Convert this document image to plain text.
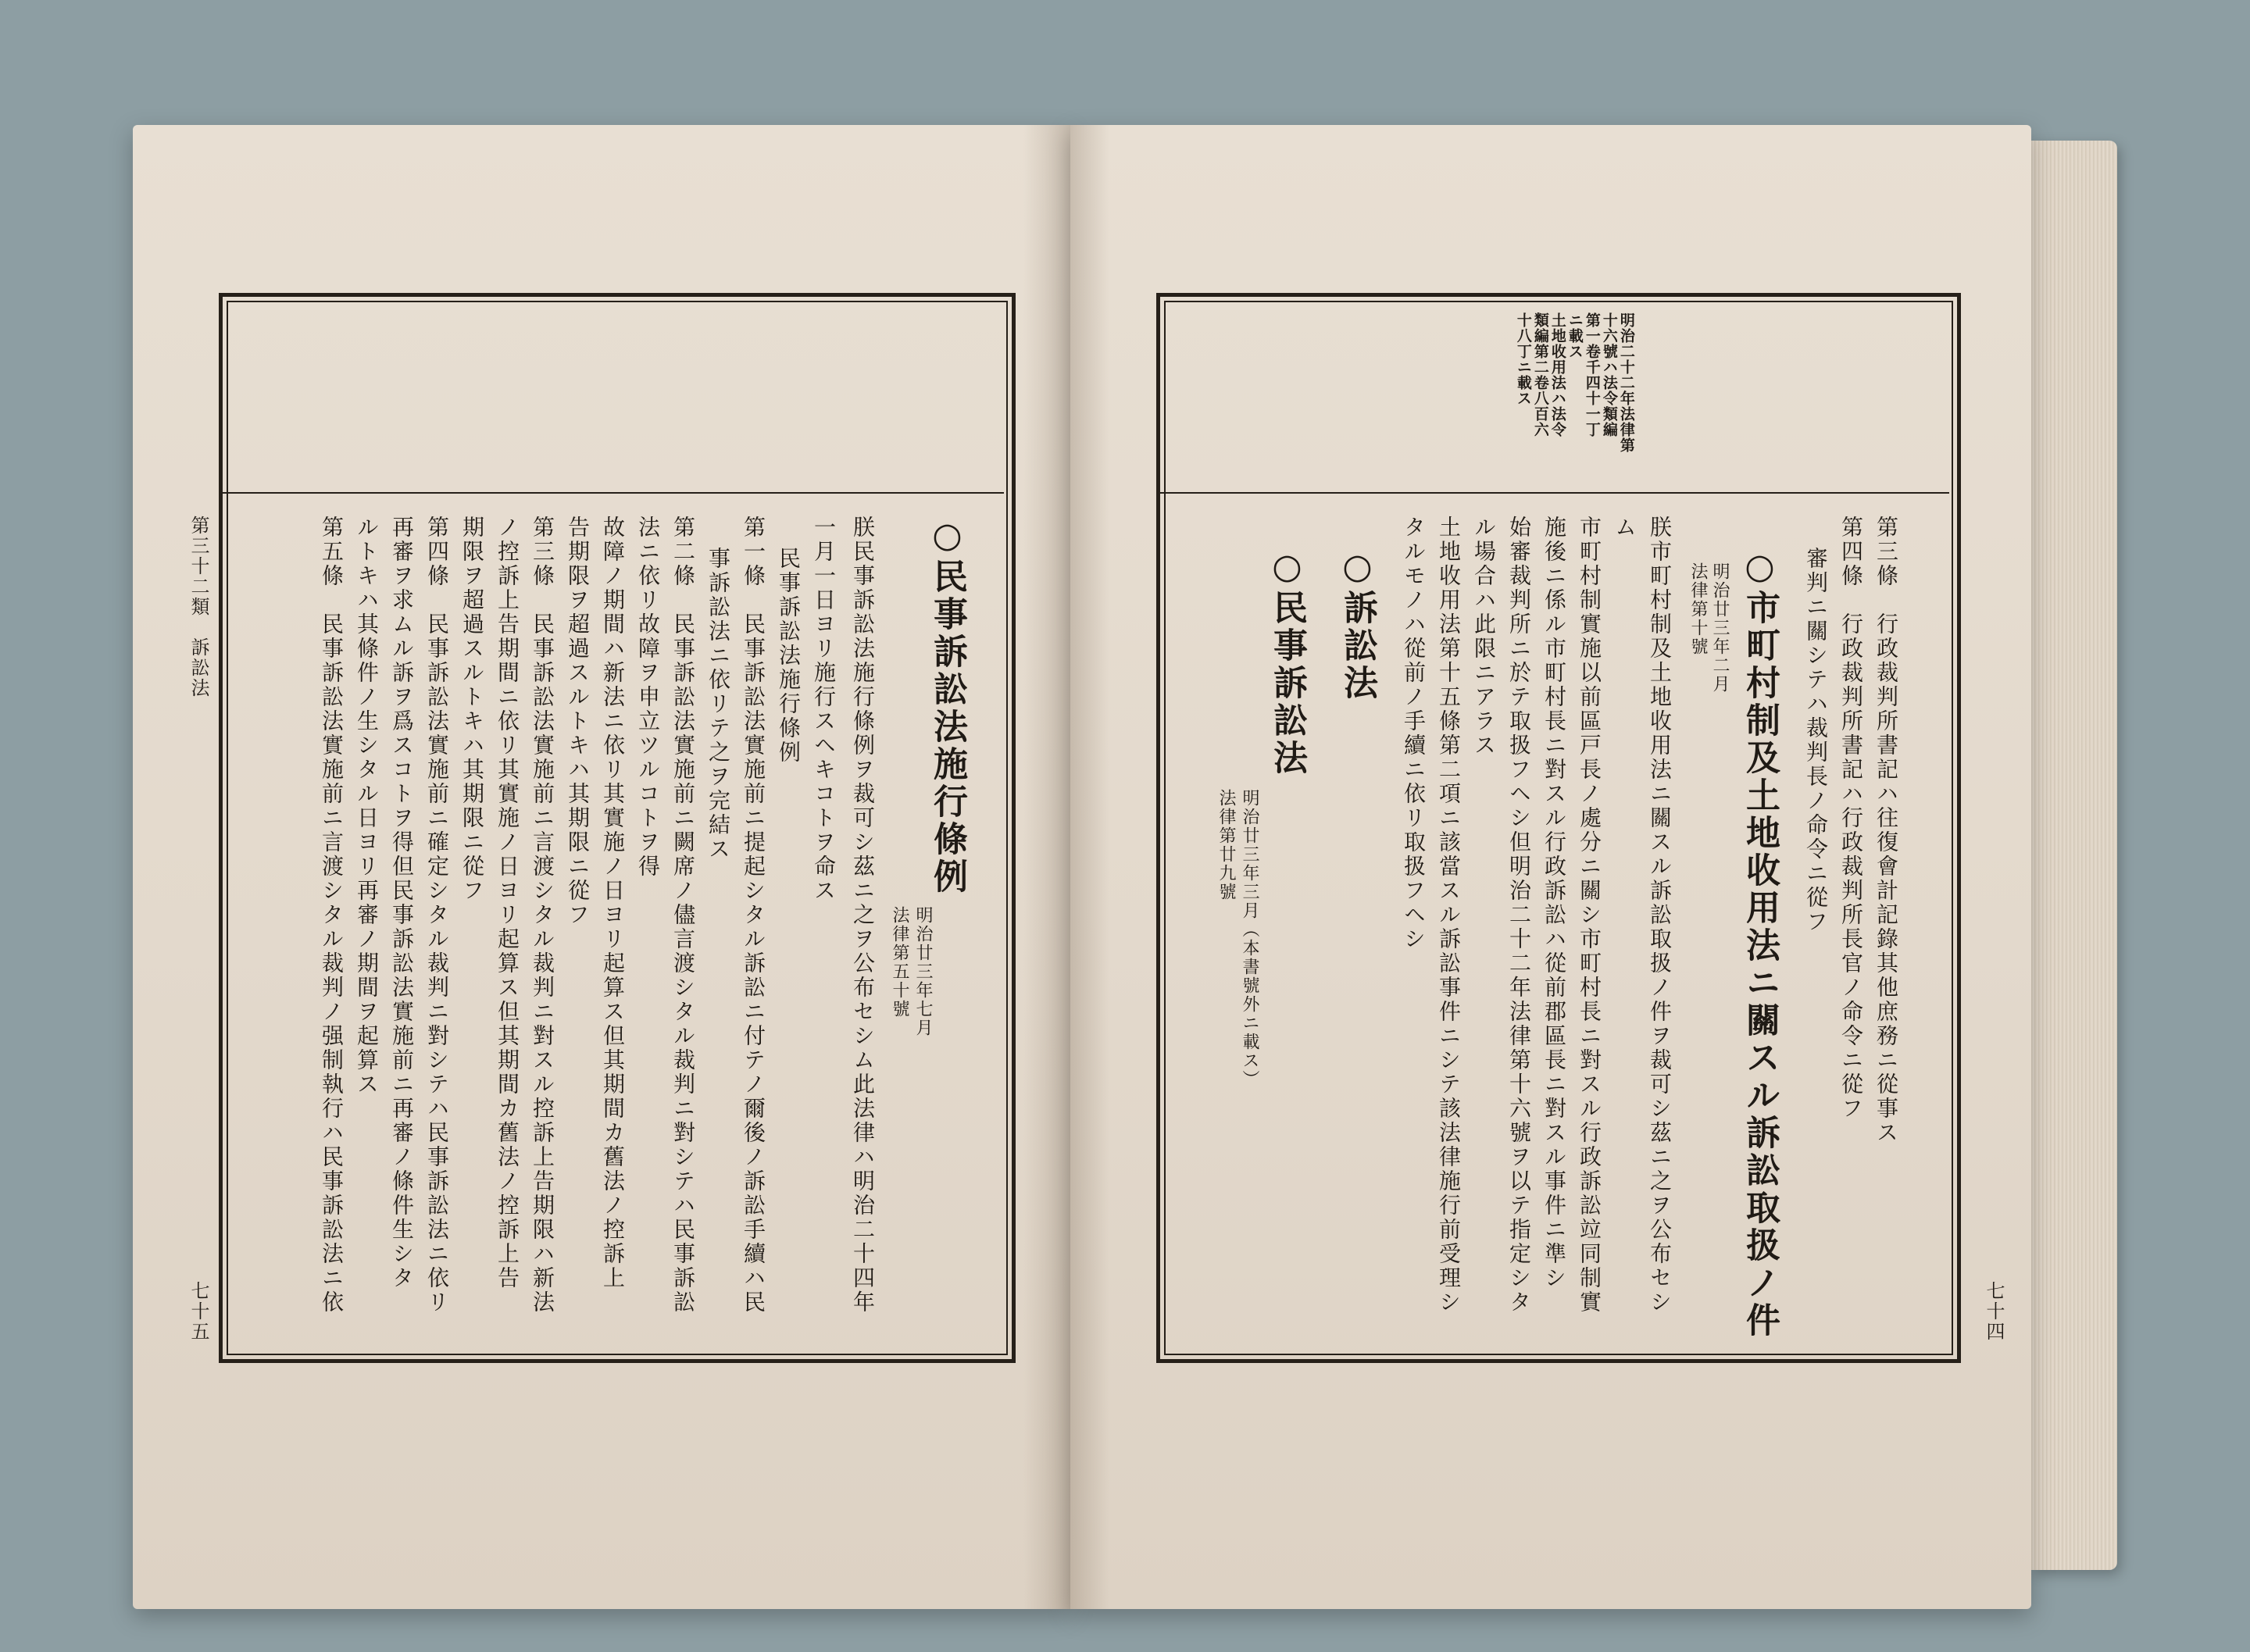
第三十二類　訴訟法
七十五
○民事訴訟法施行條例
明治廿三年七月
法律第五十號
朕民事訴訟法施行條例ヲ裁可シ茲ニ之ヲ公布セシム此法律ハ明治二十四年
一月一日ヨリ施行スヘキコトヲ命ス
民事訴訟法施行條例
第一條　民事訴訟法實施前ニ提起シタル訴訟ニ付テノ爾後ノ訴訟手續ハ民
事訴訟法ニ依リテ之ヲ完結ス
第二條　民事訴訟法實施前ニ闕席ノ儘言渡シタル裁判ニ對シテハ民事訴訟
法ニ依リ故障ヲ申立ツルコトヲ得
故障ノ期間ハ新法ニ依リ其實施ノ日ヨリ起算ス但其期間カ舊法ノ控訴上
告期限ヲ超過スルトキハ其期限ニ從フ
第三條　民事訴訟法實施前ニ言渡シタル裁判ニ對スル控訴上告期限ハ新法
ノ控訴上告期間ニ依リ其實施ノ日ヨリ起算ス但其期間カ舊法ノ控訴上告
期限ヲ超過スルトキハ其期限ニ從フ
第四條　民事訴訟法實施前ニ確定シタル裁判ニ對シテハ民事訴訟法ニ依リ
再審ヲ求ムル訴ヲ爲スコトヲ得但民事訴訟法實施前ニ再審ノ條件生シタ
ルトキハ其條件ノ生シタル日ヨリ再審ノ期間ヲ起算ス
第五條　民事訴訟法實施前ニ言渡シタル裁判ノ强制執行ハ民事訴訟法ニ依	七十四
明治二十二年法律第
十六號ハ法令類編
第一卷千四十一丁
ニ載ス
土地收用法ハ法令
類編第二卷八百六
十八丁ニ載ス
第三條　行政裁判所書記ハ往復會計記錄其他庶務ニ從事ス
第四條　行政裁判所書記ハ行政裁判所長官ノ命令ニ從フ
審判ニ關シテハ裁判長ノ命令ニ從フ
○市町村制及土地收用法ニ關スル訴訟取扱ノ件
明治廿三年二月
法律第十號
朕市町村制及土地收用法ニ關スル訴訟取扱ノ件ヲ裁可シ茲ニ之ヲ公布セシ
ム
市町村制實施以前區戸長ノ處分ニ關シ市町村長ニ對スル行政訴訟竝同制實
施後ニ係ル市町村長ニ對スル行政訴訟ハ從前郡區長ニ對スル事件ニ準シ
始審裁判所ニ於テ取扱フヘシ但明治二十二年法律第十六號ヲ以テ指定シタ
ル場合ハ此限ニアラス
土地收用法第十五條第二項ニ該當スル訴訟事件ニシテ該法律施行前受理シ
タルモノハ從前ノ手續ニ依リ取扱フヘシ
○訴訟法
○民事訴訟法
明治廿三年三月（本書號外ニ載ス）
法律第廿九號
